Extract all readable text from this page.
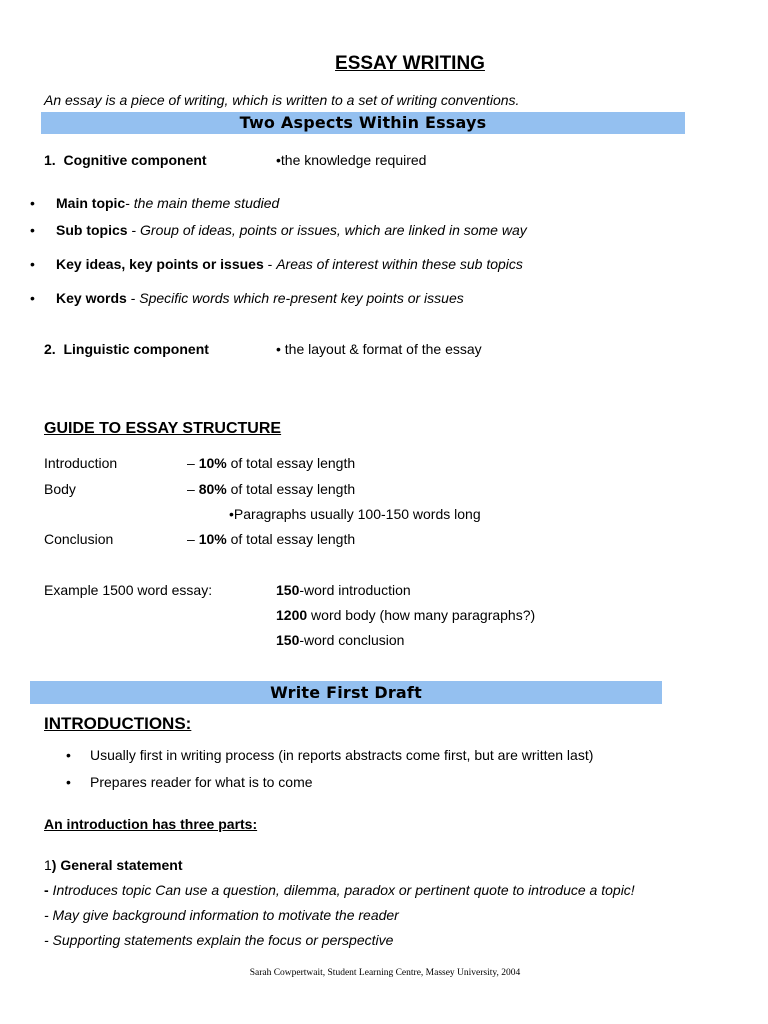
ESSAY WRITING
An essay is a piece of writing, which is written to a set of writing conventions.
Two Aspects Within Essays
1. Cognitive component	•the knowledge required
• Main topic- the main theme studied
• Sub topics - Group of ideas, points or issues, which are linked in some way
• Key ideas, key points or issues - Areas of interest within these sub topics
• Key words - Specific words which re-present key points or issues
2. Linguistic component	• the layout & format of the essay
GUIDE TO ESSAY STRUCTURE
Introduction	– 10% of total essay length
Body	– 80% of total essay length
•Paragraphs usually 100-150 words long
Conclusion	– 10% of total essay length
Example 1500 word essay:	150-word introduction
1200 word body (how many paragraphs?)
150-word conclusion
Write First Draft
INTRODUCTIONS:
• Usually first in writing process (in reports abstracts come first, but are written last)
• Prepares reader for what is to come
An introduction has three parts:
1) General statement
- Introduces topic Can use a question, dilemma, paradox or pertinent quote to introduce a topic!
- May give background information to motivate the reader
- Supporting statements explain the focus or perspective
Sarah Cowpertwait, Student Learning Centre, Massey University, 2004
